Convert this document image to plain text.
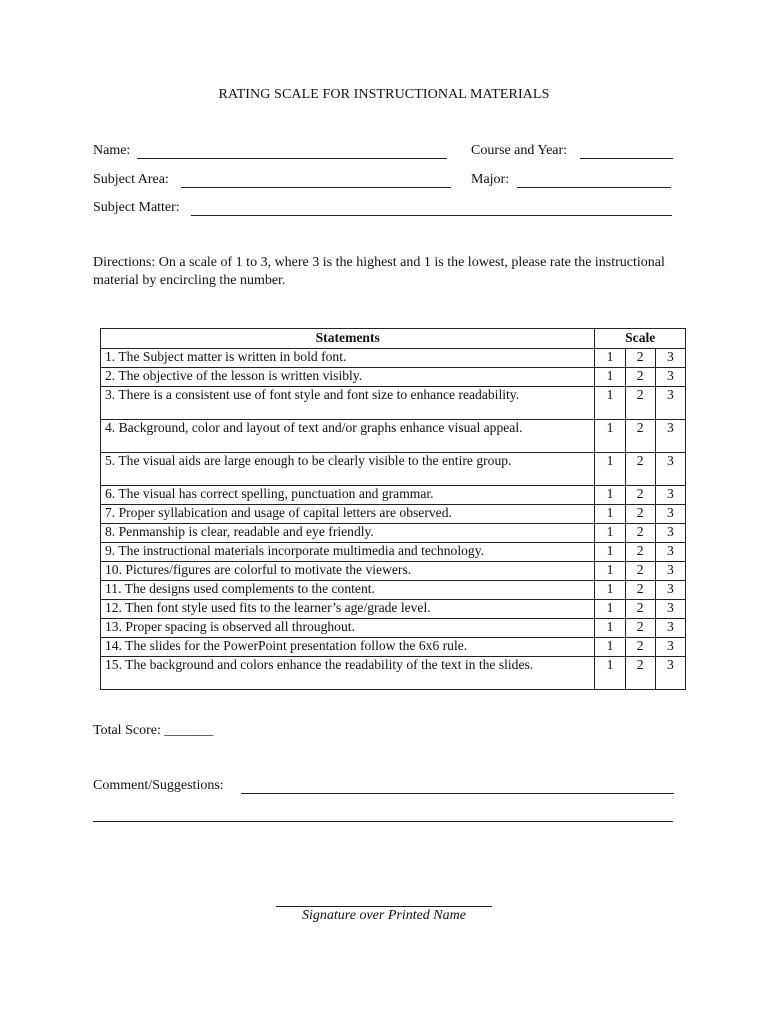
RATING SCALE FOR INSTRUCTIONAL MATERIALS
Name:	Course and Year:
Subject Area:	Major:
Subject Matter:
Directions: On a scale of 1 to 3, where 3 is the highest and 1 is the lowest, please rate the instructional material by encircling the number.
Statements	Scale		
1. The Subject matter is written in bold font.	1	2	3
2. The objective of the lesson is written visibly.	1	2	3
3. There is a consistent use of font style and font size to enhance readability.	1	2	3
4. Background, color and layout of text and/or graphs enhance visual appeal.	1	2	3
5. The visual aids are large enough to be clearly visible to the entire group.	1	2	3
6. The visual has correct spelling, punctuation and grammar.	1	2	3
7. Proper syllabication and usage of capital letters are observed.	1	2	3
8. Penmanship is clear, readable and eye friendly.	1	2	3
9. The instructional materials incorporate multimedia and technology.	1	2	3
10. Pictures/figures are colorful to motivate the viewers.	1	2	3
11. The designs used complements to the content.	1	2	3
12. Then font style used fits to the learner’s age/grade level.	1	2	3
13. Proper spacing is observed all throughout.	1	2	3
14. The slides for the PowerPoint presentation follow the 6x6 rule.	1	2	3
15. The background and colors enhance the readability of the text in the slides.	1	2	3
Total Score: _______
Comment/Suggestions:
Signature over Printed Name
